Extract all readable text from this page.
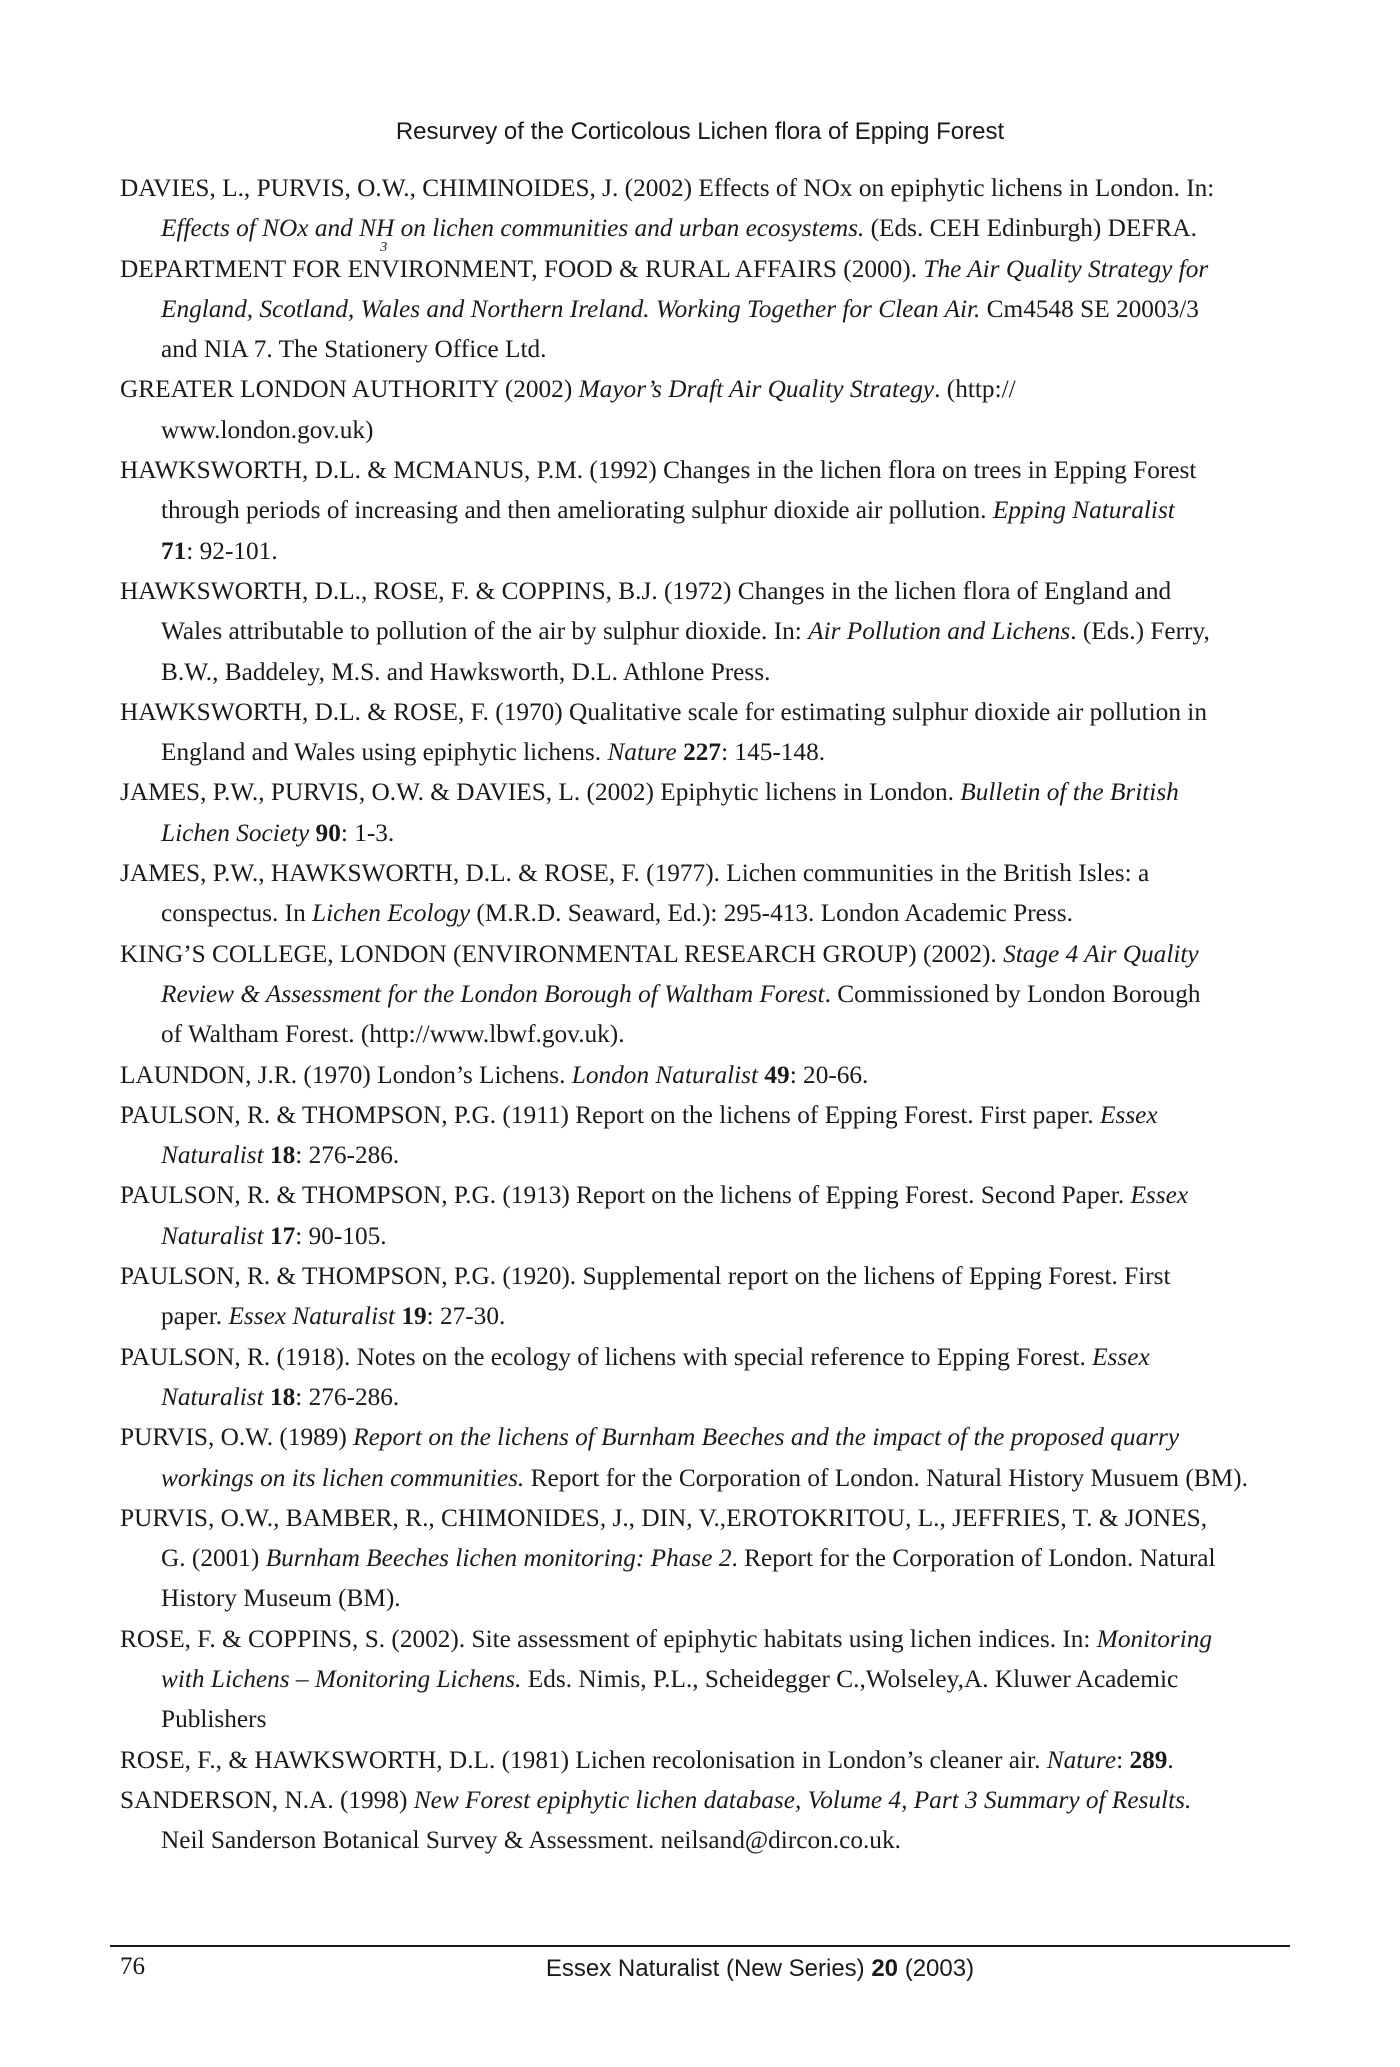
Resurvey of the Corticolous Lichen flora of Epping Forest
DAVIES, L., PURVIS, O.W., CHIMINOIDES, J. (2002) Effects of NOx on epiphytic lichens in London. In:
Effects of NOx and NH
3
on lichen communities and urban ecosystems. (Eds. CEH Edinburgh) DEFRA.
DEPARTMENT FOR ENVIRONMENT, FOOD & RURAL AFFAIRS (2000). The Air Quality Strategy for
England, Scotland, Wales and Northern Ireland. Working Together for Clean Air. Cm4548 SE 20003/3
and NIA 7. The Stationery Office Ltd.
GREATER LONDON AUTHORITY (2002) Mayor’s Draft Air Quality Strategy. (http://
www.london.gov.uk)
HAWKSWORTH, D.L. & MCMANUS, P.M. (1992) Changes in the lichen flora on trees in Epping Forest
through periods of increasing and then ameliorating sulphur dioxide air pollution. Epping Naturalist
71: 92-101.
HAWKSWORTH, D.L., ROSE, F. & COPPINS, B.J. (1972) Changes in the lichen flora of England and
Wales attributable to pollution of the air by sulphur dioxide. In: Air Pollution and Lichens. (Eds.) Ferry,
B.W., Baddeley, M.S. and Hawksworth, D.L. Athlone Press.
HAWKSWORTH, D.L. & ROSE, F. (1970) Qualitative scale for estimating sulphur dioxide air pollution in
England and Wales using epiphytic lichens. Nature 227: 145-148.
JAMES, P.W., PURVIS, O.W. & DAVIES, L. (2002) Epiphytic lichens in London. Bulletin of the British
Lichen Society 90: 1-3.
JAMES, P.W., HAWKSWORTH, D.L. & ROSE, F. (1977). Lichen communities in the British Isles: a
conspectus. In Lichen Ecology (M.R.D. Seaward, Ed.): 295-413. London Academic Press.
KING’S COLLEGE, LONDON (ENVIRONMENTAL RESEARCH GROUP) (2002). Stage 4 Air Quality
Review & Assessment for the London Borough of Waltham Forest. Commissioned by London Borough
of Waltham Forest. (http://www.lbwf.gov.uk).
LAUNDON, J.R. (1970) London’s Lichens. London Naturalist 49: 20-66.
PAULSON, R. & THOMPSON, P.G. (1911) Report on the lichens of Epping Forest. First paper. Essex
Naturalist 18: 276-286.
PAULSON, R. & THOMPSON, P.G. (1913) Report on the lichens of Epping Forest. Second Paper. Essex
Naturalist 17: 90-105.
PAULSON, R. & THOMPSON, P.G. (1920). Supplemental report on the lichens of Epping Forest. First
paper. Essex Naturalist 19: 27-30.
PAULSON, R. (1918). Notes on the ecology of lichens with special reference to Epping Forest. Essex
Naturalist 18: 276-286.
PURVIS, O.W. (1989) Report on the lichens of Burnham Beeches and the impact of the proposed quarry
workings on its lichen communities. Report for the Corporation of London. Natural History Musuem (BM).
PURVIS, O.W., BAMBER, R., CHIMONIDES, J., DIN, V.,EROTOKRITOU, L., JEFFRIES, T. & JONES,
G. (2001) Burnham Beeches lichen monitoring: Phase 2. Report for the Corporation of London. Natural
History Museum (BM).
ROSE, F. & COPPINS, S. (2002). Site assessment of epiphytic habitats using lichen indices. In: Monitoring
with Lichens – Monitoring Lichens. Eds. Nimis, P.L., Scheidegger C.,Wolseley,A. Kluwer Academic
Publishers
ROSE, F., & HAWKSWORTH, D.L. (1981) Lichen recolonisation in London’s cleaner air. Nature: 289.
SANDERSON, N.A. (1998) New Forest epiphytic lichen database, Volume 4, Part 3 Summary of Results.
Neil Sanderson Botanical Survey & Assessment. neilsand@dircon.co.uk.
76	Essex Naturalist (New Series) 20 (2003)
